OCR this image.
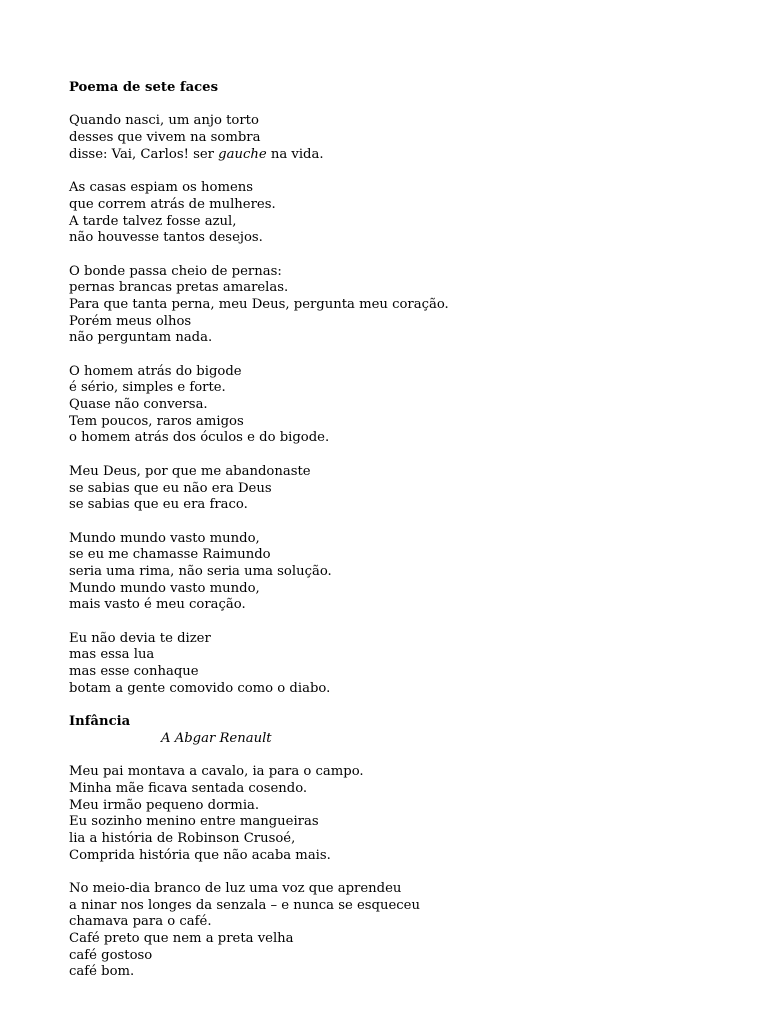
Poema de sete faces
Quando nasci, um anjo torto
desses que vivem na sombra
disse: Vai, Carlos! ser gauche na vida.
As casas espiam os homens
que correm atrás de mulheres.
A tarde talvez fosse azul,
não houvesse tantos desejos.
O bonde passa cheio de pernas:
pernas brancas pretas amarelas.
Para que tanta perna, meu Deus, pergunta meu coração.
Porém meus olhos
não perguntam nada.
O homem atrás do bigode
é sério, simples e forte.
Quase não conversa.
Tem poucos, raros amigos
o homem atrás dos óculos e do bigode.
Meu Deus, por que me abandonaste
se sabias que eu não era Deus
se sabias que eu era fraco.
Mundo mundo vasto mundo,
se eu me chamasse Raimundo
seria uma rima, não seria uma solução.
Mundo mundo vasto mundo,
mais vasto é meu coração.
Eu não devia te dizer
mas essa lua
mas esse conhaque
botam a gente comovido como o diabo.
Infância
A Abgar Renault
Meu pai montava a cavalo, ia para o campo.
Minha mãe ficava sentada cosendo.
Meu irmão pequeno dormia.
Eu sozinho menino entre mangueiras
lia a história de Robinson Crusoé,
Comprida história que não acaba mais.
No meio-dia branco de luz uma voz que aprendeu
a ninar nos longes da senzala – e nunca se esqueceu
chamava para o café.
Café preto que nem a preta velha
café gostoso
café bom.
